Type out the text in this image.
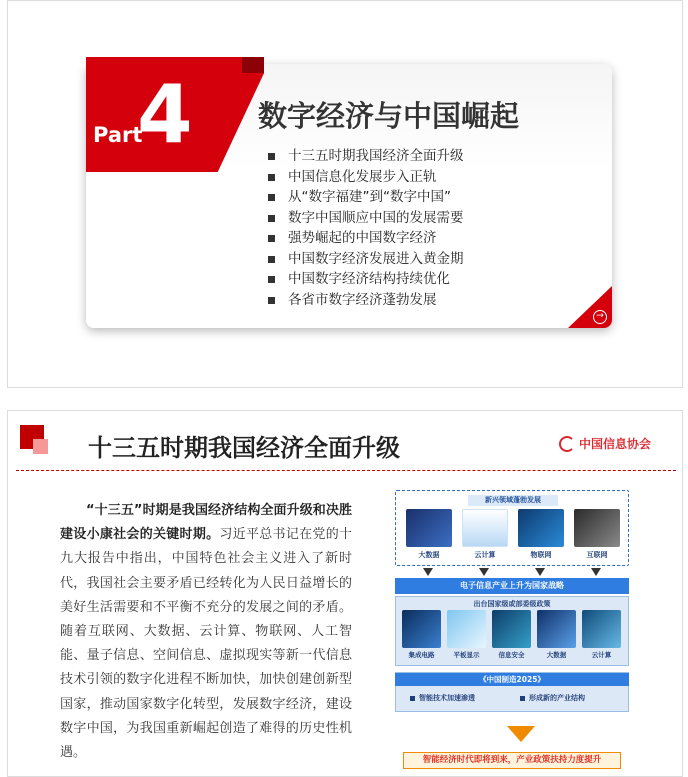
Part
4 数字经济与中国崛起
十三五时期我国经济全面升级
中国信息化发展步入正轨
从“数字福建”到“数字中国”
数字中国顺应中国的发展需要
强势崛起的中国数字经济
中国数字经济发展进入黄金期
中国数字经济结构持续优化
各省市数字经济蓬勃发展
→
十三五时期我国经济全面升级	中国信息协会
“十三五”时期是我国经济结构全面升级和决胜建设小康社会的关键时期。习近平总书记在党的十九大报告中指出，中国特色社会主义进入了新时代，我国社会主要矛盾已经转化为人民日益增长的美好生活需要和不平衡不充分的发展之间的矛盾。随着互联网、大数据、云计算、物联网、人工智能、量子信息、空间信息、虚拟现实等新一代信息技术引领的数字化进程不断加快，加快创建创新型国家，推动国家数字化转型，发展数字经济，建设数字中国，为我国重新崛起创造了难得的历史性机遇。
新兴领域蓬勃发展
大数据	云计算	物联网	互联网
电子信息产业上升为国家战略
出台国家级或部委级政策
集成电路	平板显示	信息安全	大数据	云计算
《中国制造2025》
智能技术加速渗透	形成新的产业结构
智能经济时代即将到来，产业政策扶持力度提升
